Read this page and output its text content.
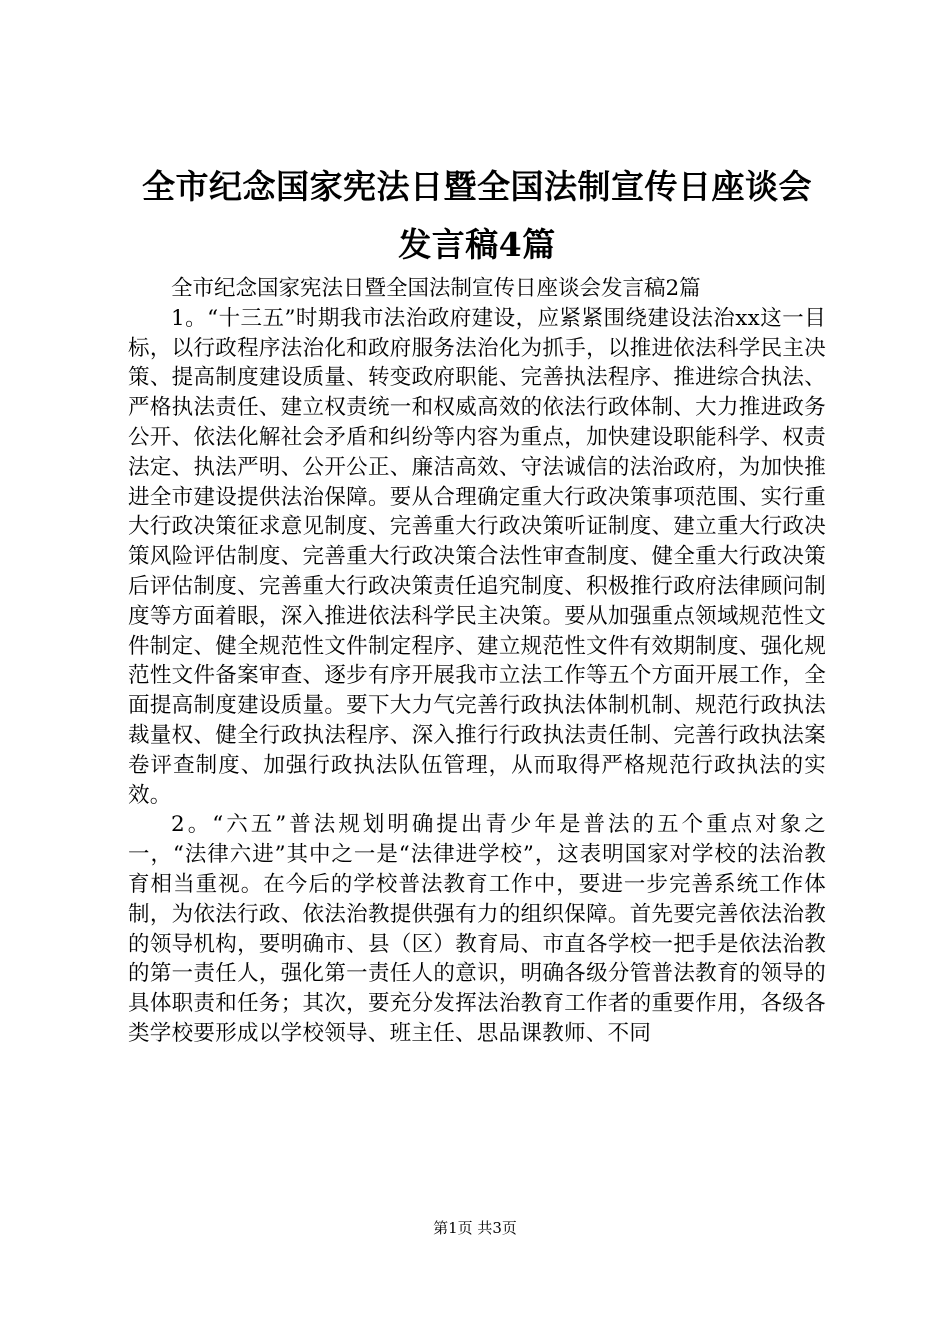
全市纪念国家宪法日暨全国法制宣传日座谈会
发言稿4篇

全市纪念国家宪法日暨全国法制宣传日座谈会发言稿2篇

1。“十三五”时期我市法治政府建设，应紧紧围绕建设法治xx这一目标，以行政程序法治化和政府服务法治化为抓手，以推进依法科学民主决策、提高制度建设质量、转变政府职能、完善执法程序、推进综合执法、严格执法责任、建立权责统一和权威高效的依法行政体制、大力推进政务公开、依法化解社会矛盾和纠纷等内容为重点，加快建设职能科学、权责法定、执法严明、公开公正、廉洁高效、守法诚信的法治政府，为加快推进全市建设提供法治保障。要从合理确定重大行政决策事项范围、实行重大行政决策征求意见制度、完善重大行政决策听证制度、建立重大行政决策风险评估制度、完善重大行政决策合法性审查制度、健全重大行政决策后评估制度、完善重大行政决策责任追究制度、积极推行政府法律顾问制度等方面着眼，深入推进依法科学民主决策。要从加强重点领域规范性文件制定、健全规范性文件制定程序、建立规范性文件有效期制度、强化规范性文件备案审查、逐步有序开展我市立法工作等五个方面开展工作，全面提高制度建设质量。要下大力气完善行政执法体制机制、规范行政执法裁量权、健全行政执法程序、深入推行行政执法责任制、完善行政执法案卷评查制度、加强行政执法队伍管理，从而取得严格规范行政执法的实效。

2。“六五”普法规划明确提出青少年是普法的五个重点对象之一，“法律六进”其中之一是“法律进学校”，这表明国家对学校的法治教育相当重视。在今后的学校普法教育工作中，要进一步完善系统工作体制，为依法行政、依法治教提供强有力的组织保障。首先要完善依法治教的领导机构，要明确市、县（区）教育局、市直各学校一把手是依法治教的第一责任人，强化第一责任人的意识，明确各级分管普法教育的领导的具体职责和任务；其次，要充分发挥法治教育工作者的重要作用，各级各类学校要形成以学校领导、班主任、思品课教师、不同

第1页 共3页
